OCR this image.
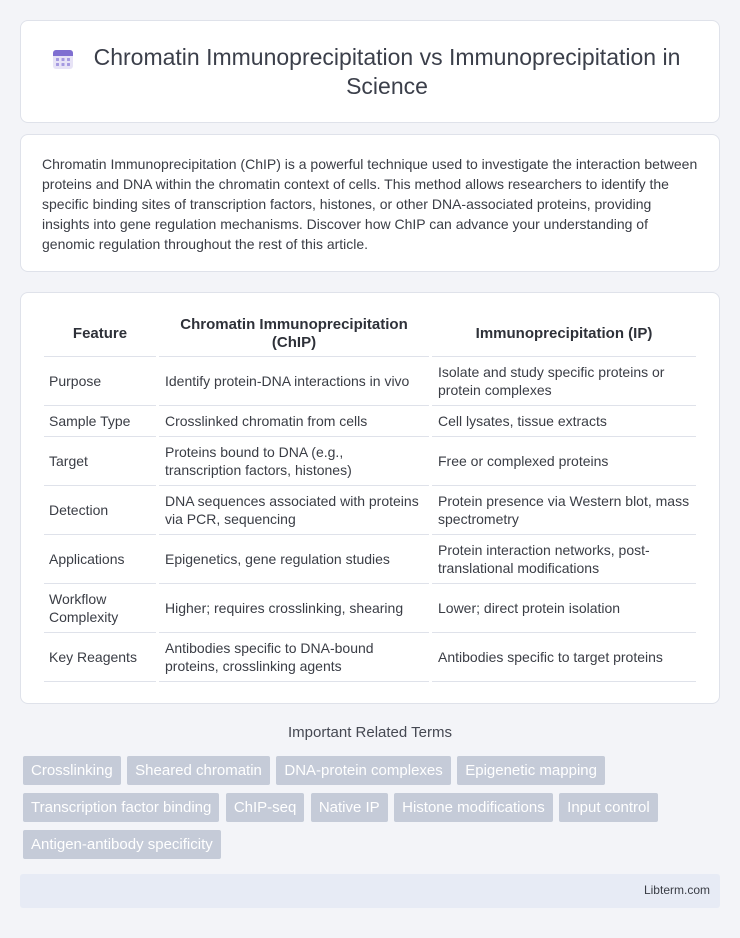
Chromatin Immunoprecipitation vs Immunoprecipitation in Science

Chromatin Immunoprecipitation (ChIP) is a powerful technique used to investigate the interaction between proteins and DNA within the chromatin context of cells. This method allows researchers to identify the specific binding sites of transcription factors, histones, or other DNA-associated proteins, providing insights into gene regulation mechanisms. Discover how ChIP can advance your understanding of genomic regulation throughout the rest of this article.

Feature	Chromatin Immunoprecipitation (ChIP)	Immunoprecipitation (IP)
Purpose	Identify protein-DNA interactions in vivo	Isolate and study specific proteins or protein complexes
Sample Type	Crosslinked chromatin from cells	Cell lysates, tissue extracts
Target	Proteins bound to DNA (e.g., transcription factors, histones)	Free or complexed proteins
Detection	DNA sequences associated with proteins via PCR, sequencing	Protein presence via Western blot, mass spectrometry
Applications	Epigenetics, gene regulation studies	Protein interaction networks, post-translational modifications
Workflow Complexity	Higher; requires crosslinking, shearing	Lower; direct protein isolation
Key Reagents	Antibodies specific to DNA-bound proteins, crosslinking agents	Antibodies specific to target proteins
Important Related Terms
Crosslinking Sheared chromatin DNA-protein complexes Epigenetic mapping Transcription factor binding ChIP-seq Native IP Histone modifications Input control Antigen-antibody specificity
Libterm.com
